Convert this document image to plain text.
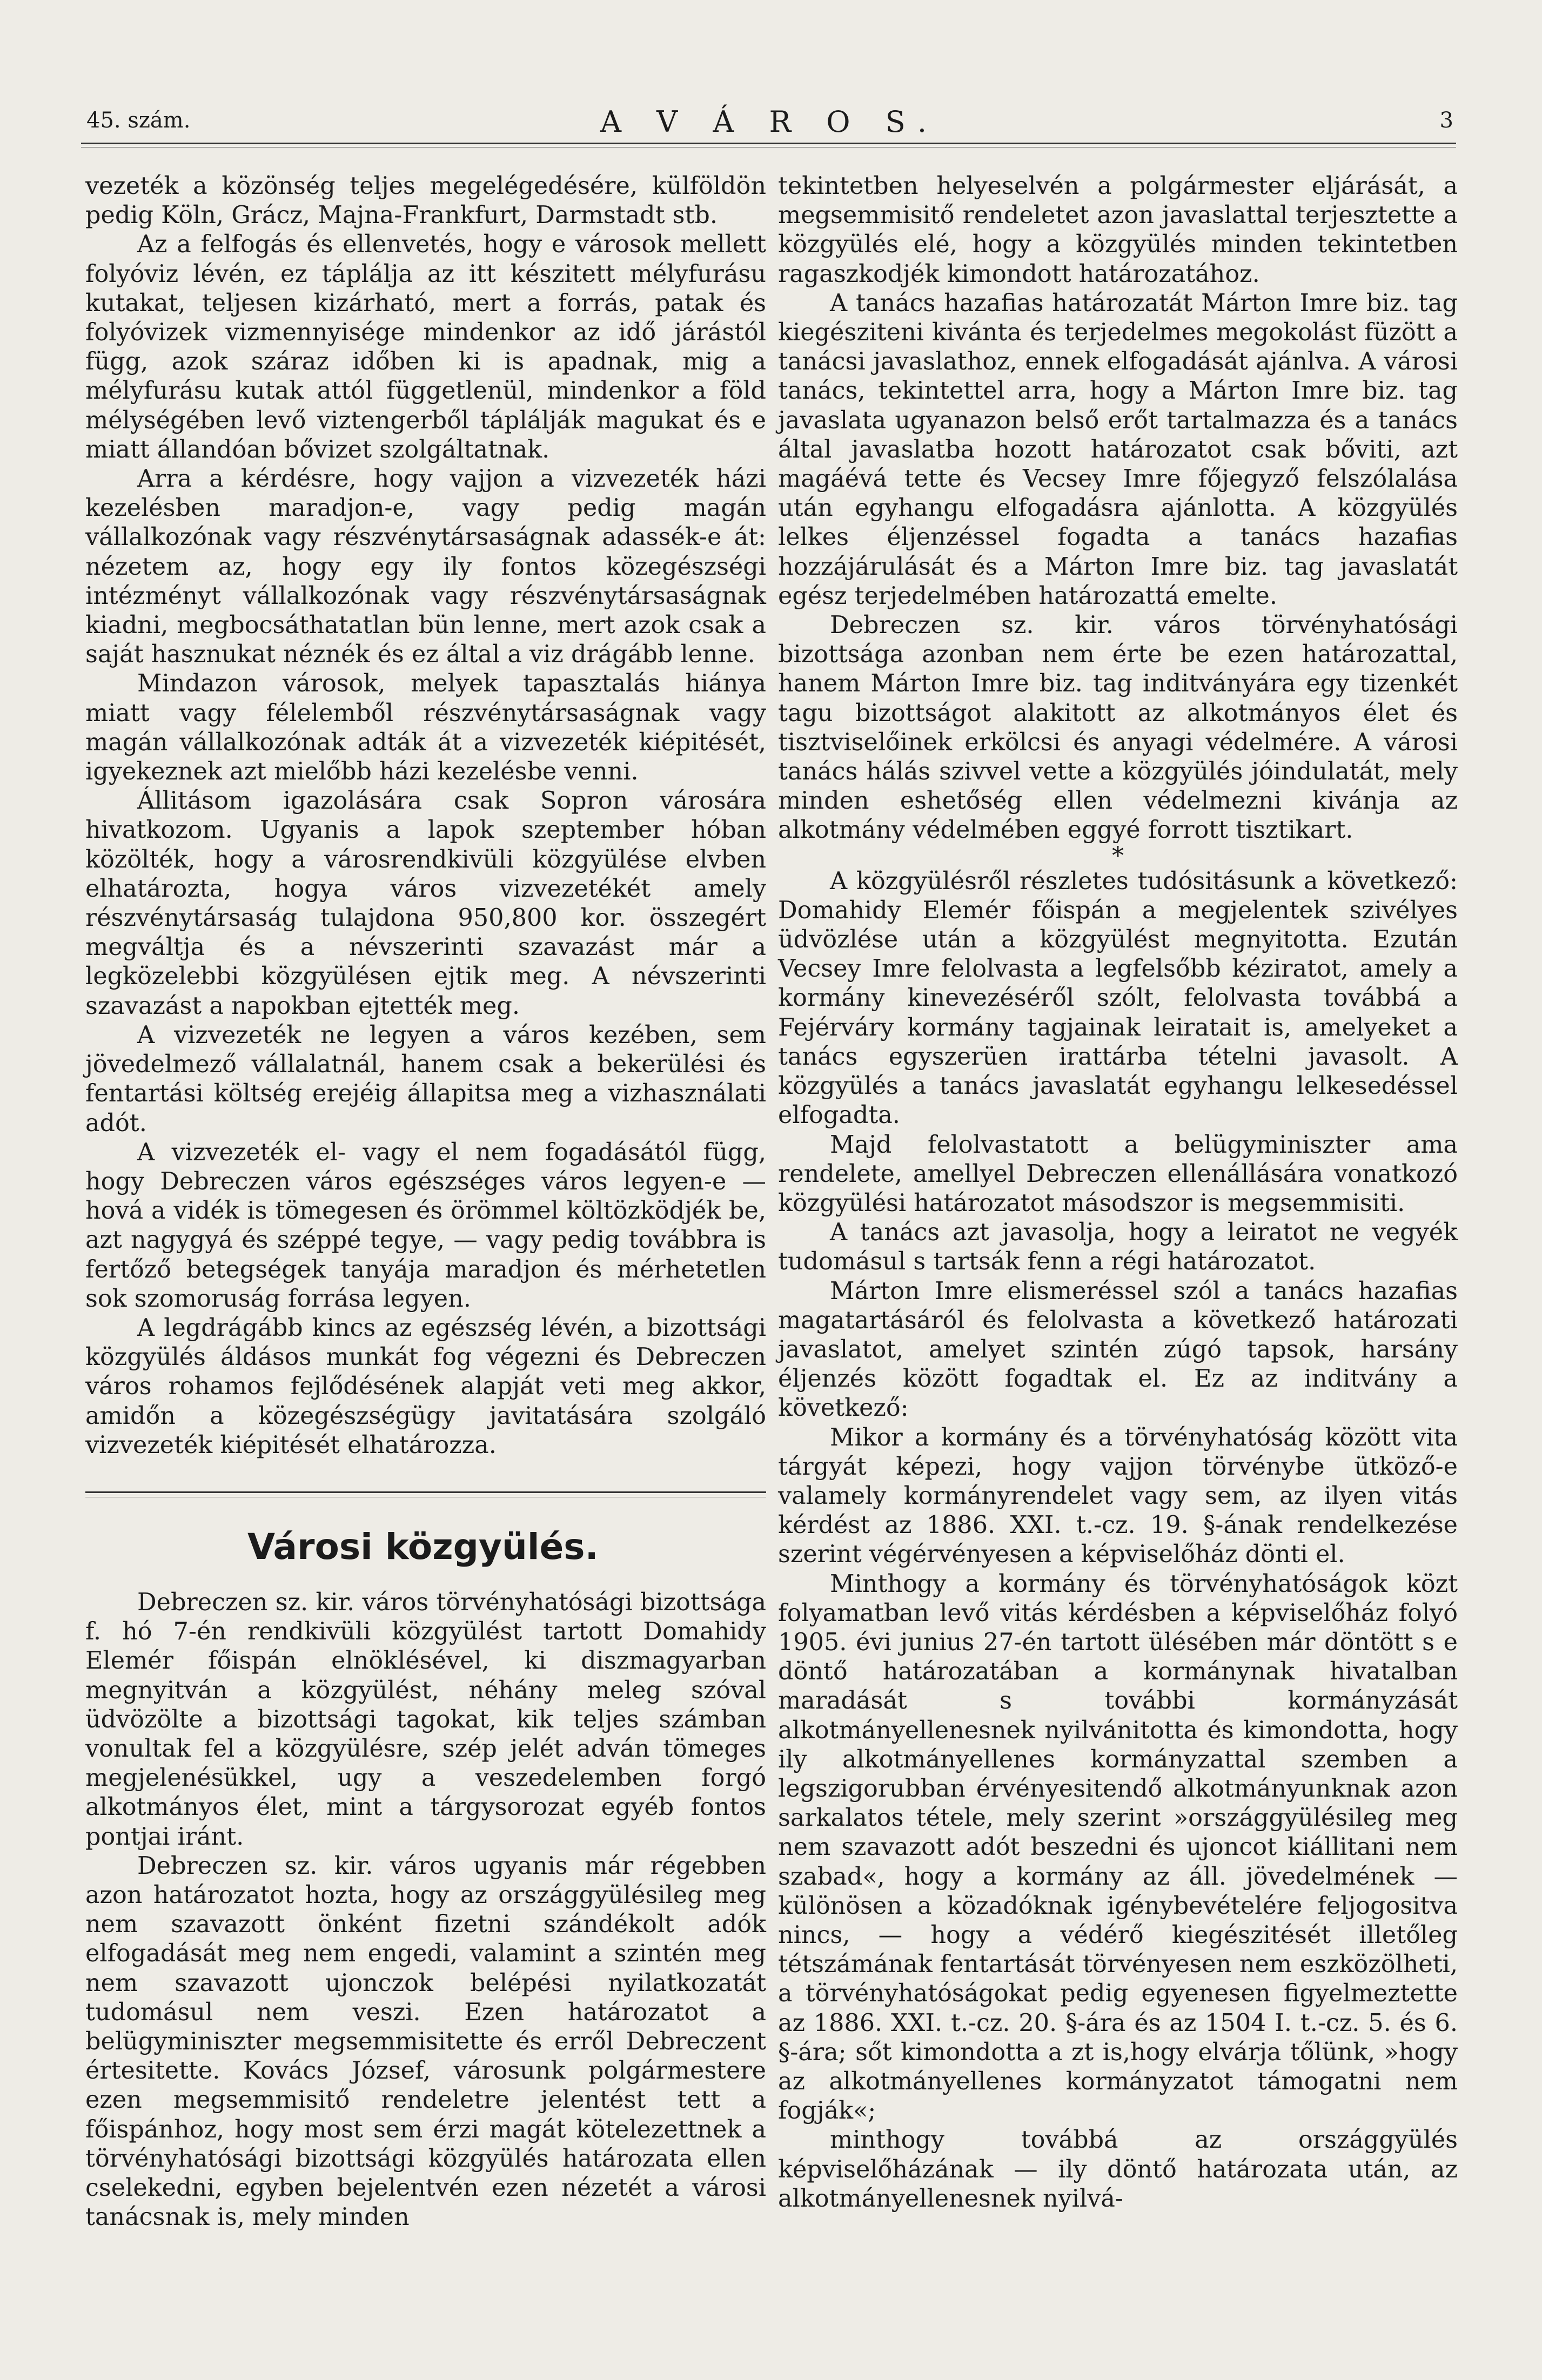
45. szám.	A V Á R O S.	3

vezeték a közönség teljes megelégedésére, külföldön pedig Köln, Grácz, Majna-Frankfurt, Darmstadt stb.

Az a felfogás és ellenvetés, hogy e városok mellett folyóviz lévén, ez táplálja az itt készitett mélyfurásu kutakat, teljesen kizárható, mert a forrás, patak és folyóvizek vizmennyisége mindenkor az idő járástól függ, azok száraz időben ki is apadnak, mig a mélyfurásu kutak attól függetlenül, mindenkor a föld mélységében levő viztengerből táplálják magukat és e miatt állandóan bővizet szolgáltatnak.

Arra a kérdésre, hogy vajjon a vizvezeték házi kezelésben maradjon-e, vagy pedig magán vállalkozónak vagy részvénytársaságnak adassék-e át: nézetem az, hogy egy ily fontos közegészségi intézményt vállalkozónak vagy részvénytársaságnak kiadni, megbocsáthatatlan bün lenne, mert azok csak a saját hasznukat néznék és ez által a viz drágább lenne.

Mindazon városok, melyek tapasztalás hiánya miatt vagy félelemből részvénytársaságnak vagy magán vállalkozónak adták át a vizvezeték kiépitését, igyekeznek azt mielőbb házi kezelésbe venni.

Állitásom igazolására csak Sopron városára hivatkozom. Ugyanis a lapok szeptember hóban közölték, hogy a városrendkivüli közgyülése elvben elhatározta, hogya város vizvezetékét amely részvénytársaság tulajdona 950,800 kor. összegért megváltja és a névszerinti szavazást már a legközelebbi közgyülésen ejtik meg. A névszerinti szavazást a napokban ejtették meg.

A vizvezeték ne legyen a város kezében, sem jövedelmező vállalatnál, hanem csak a bekerülési és fentartási költség erejéig állapitsa meg a vizhasználati adót.

A vizvezeték el- vagy el nem fogadásától függ, hogy Debreczen város egészséges város legyen-e — hová a vidék is tömegesen és örömmel költözködjék be, azt nagygyá és széppé tegye, — vagy pedig továbbra is fertőző betegségek tanyája maradjon és mérhetetlen sok szomoruság forrása legyen.

A legdrágább kincs az egészség lévén, a bizottsági közgyülés áldásos munkát fog végezni és Debreczen város rohamos fejlődésének alapját veti meg akkor, amidőn a közegészségügy javitatására szolgáló vizvezeték kiépitését elhatározza.

Városi közgyülés.

Debreczen sz. kir. város törvényhatósági bizottsága f. hó 7-én rendkivüli közgyülést tartott Domahidy Elemér főispán elnöklésével, ki diszmagyarban megnyitván a közgyülést, néhány meleg szóval üdvözölte a bizottsági tagokat, kik teljes számban vonultak fel a közgyülésre, szép jelét adván tömeges megjelenésükkel, ugy a veszedelemben forgó alkotmányos élet, mint a tárgysorozat egyéb fontos pontjai iránt.

Debreczen sz. kir. város ugyanis már régebben azon határozatot hozta, hogy az országgyülésileg meg nem szavazott önként fizetni szándékolt adók elfogadását meg nem engedi, valamint a szintén meg nem szavazott ujonczok belépési nyilatkozatát tudomásul nem veszi. Ezen határozatot a belügyminiszter megsemmisitette és erről Debreczent értesitette. Kovács József, városunk polgármestere ezen megsemmisitő rendeletre jelentést tett a főispánhoz, hogy most sem érzi magát kötelezettnek a törvényhatósági bizottsági közgyülés határozata ellen cselekedni, egyben bejelentvén ezen nézetét a városi tanácsnak is, mely minden

tekintetben helyeselvén a polgármester eljárását, a megsemmisitő rendeletet azon javaslattal terjesztette a közgyülés elé, hogy a közgyülés minden tekintetben ragaszkodjék kimondott határozatához.

A tanács hazafias határozatát Márton Imre biz. tag kiegésziteni kivánta és terjedelmes megokolást füzött a tanácsi javaslathoz, ennek elfogadását ajánlva. A városi tanács, tekintettel arra, hogy a Márton Imre biz. tag javaslata ugyanazon belső erőt tartalmazza és a tanács által javaslatba hozott határozatot csak bőviti, azt magáévá tette és Vecsey Imre főjegyző felszólalása után egyhangu elfogadásra ajánlotta. A közgyülés lelkes éljenzéssel fogadta a tanács hazafias hozzájárulását és a Márton Imre biz. tag javaslatát egész terjedelmében határozattá emelte.

Debreczen sz. kir. város törvényhatósági bizottsága azonban nem érte be ezen határozattal, hanem Márton Imre biz. tag inditványára egy tizenkét tagu bizottságot alakitott az alkotmányos élet és tisztviselőinek erkölcsi és anyagi védelmére. A városi tanács hálás szivvel vette a közgyülés jóindulatát, mely minden eshetőség ellen védelmezni kivánja az alkotmány védelmében eggyé forrott tisztikart.

*

A közgyülésről részletes tudósitásunk a következő: Domahidy Elemér főispán a megjelentek szivélyes üdvözlése után a közgyülést megnyitotta. Ezután Vecsey Imre felolvasta a legfelsőbb kéziratot, amely a kormány kinevezéséről szólt, felolvasta továbbá a Fejérváry kormány tagjainak leiratait is, amelyeket a tanács egyszerüen irattárba tételni javasolt. A közgyülés a tanács javaslatát egyhangu lelkesedéssel elfogadta.

Majd felolvastatott a belügyminiszter ama rendelete, amellyel Debreczen ellenállására vonatkozó közgyülési határozatot másodszor is megsemmisiti.

A tanács azt javasolja, hogy a leiratot ne vegyék tudomásul s tartsák fenn a régi határozatot.

Márton Imre elismeréssel szól a tanács hazafias magatartásáról és felolvasta a következő határozati javaslatot, amelyet szintén zúgó tapsok, harsány éljenzés között fogadtak el. Ez az inditvány a következő:

Mikor a kormány és a törvényhatóság között vita tárgyát képezi, hogy vajjon törvénybe ütköző-e valamely kormányrendelet vagy sem, az ilyen vitás kérdést az 1886. XXI. t.-cz. 19. §-ának rendelkezése szerint végérvényesen a képviselőház dönti el.

Minthogy a kormány és törvényhatóságok közt folyamatban levő vitás kérdésben a képviselőház folyó 1905. évi junius 27-én tartott ülésében már döntött s e döntő határozatában a kormánynak hivatalban maradását s további kormányzását alkotmányellenesnek nyilvánitotta és kimondotta, hogy ily alkotmányellenes kormányzattal szemben a legszigorubban érvényesitendő alkotmányunknak azon sarkalatos tétele, mely szerint »országgyülésileg meg nem szavazott adót beszedni és ujoncot kiállitani nem szabad«, hogy a kormány az áll. jövedelmének — különösen a közadóknak igénybevételére feljogositva nincs, — hogy a védérő kiegészitését illetőleg tétszámának fentartását törvényesen nem eszközölheti, a törvényhatóságokat pedig egyenesen figyelmeztette az 1886. XXI. t.-cz. 20. §-ára és az 1504 I. t.-cz. 5. és 6. §-ára; sőt kimondotta a zt is,hogy elvárja tőlünk, »hogy az alkotmányellenes kormányzatot támogatni nem fogják«;

minthogy továbbá az országgyülés képviselőházának — ily döntő határozata után, az alkotmányellenesnek nyilvá-
